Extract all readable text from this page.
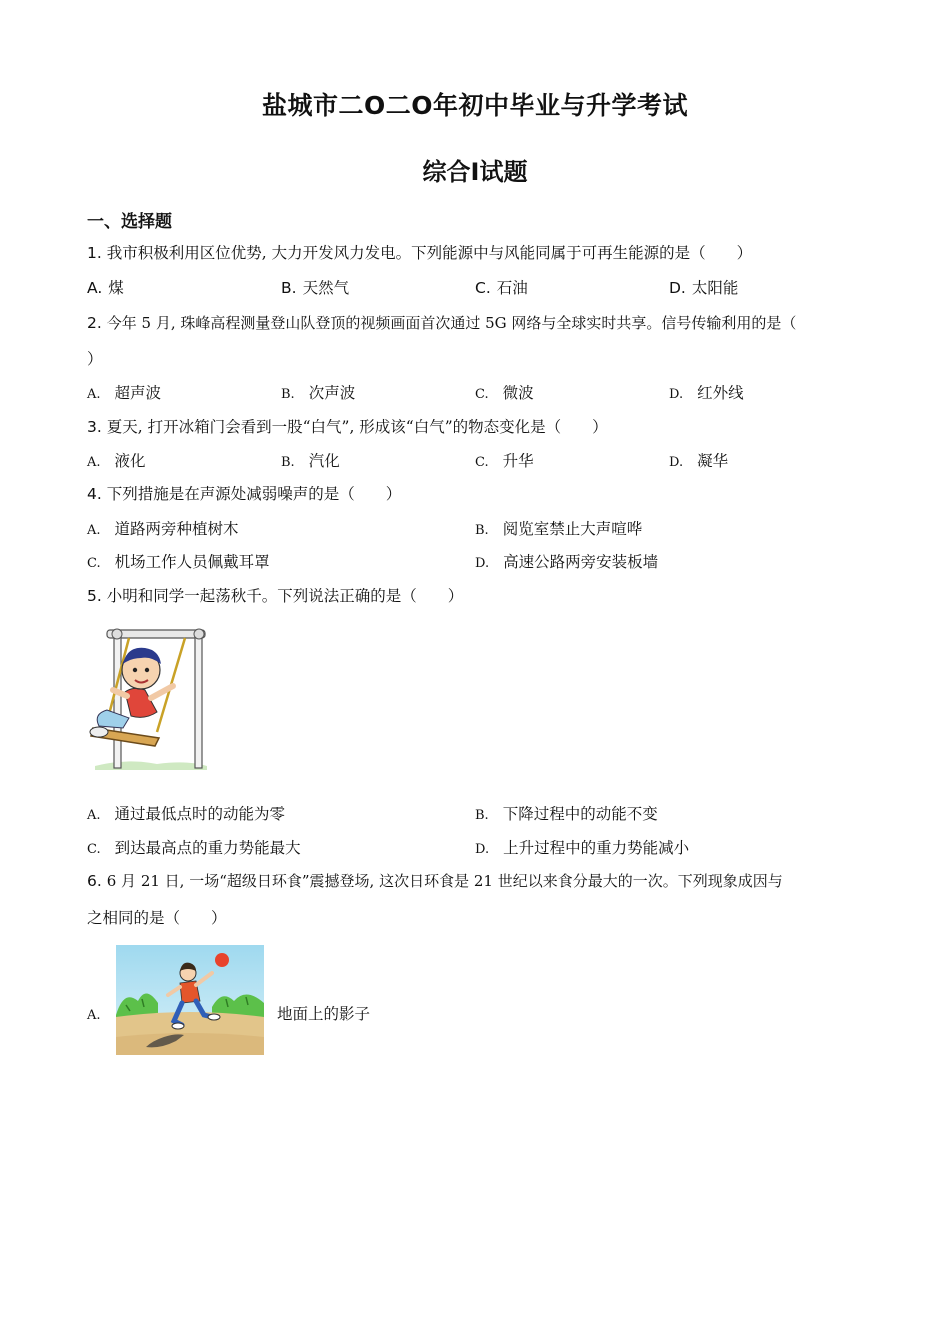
盐城市二O二O年初中毕业与升学考试
综合Ⅰ试题
一、选择题
1. 我市积极利用区位优势, 大力开发风力发电。下列能源中与风能同属于可再生能源的是（　　）
A. 煤	B. 天然气	C. 石油	D. 太阳能
2. 今年 5 月, 珠峰高程测量登山队登顶的视频画面首次通过 5G 网络与全球实时共享。信号传输利用的是（
）
A. 超声波	B. 次声波	C. 微波	D. 红外线
3. 夏天, 打开冰箱门会看到一股“白气”, 形成该“白气”的物态变化是（　　）
A. 液化	B. 汽化	C. 升华	D. 凝华
4. 下列措施是在声源处减弱噪声的是（　　）
A. 道路两旁种植树木	B. 阅览室禁止大声喧哗
C. 机场工作人员佩戴耳罩	D. 高速公路两旁安装板墙
5. 小明和同学一起荡秋千。下列说法正确的是（　　）
A. 通过最低点时的动能为零	B. 下降过程中的动能不变
C. 到达最高点的重力势能最大	D. 上升过程中的重力势能减小
6. 6 月 21 日, 一场“超级日环食”震撼登场, 这次日环食是 21 世纪以来食分最大的一次。下列现象成因与
之相同的是（　　）
A.	地面上的影子
